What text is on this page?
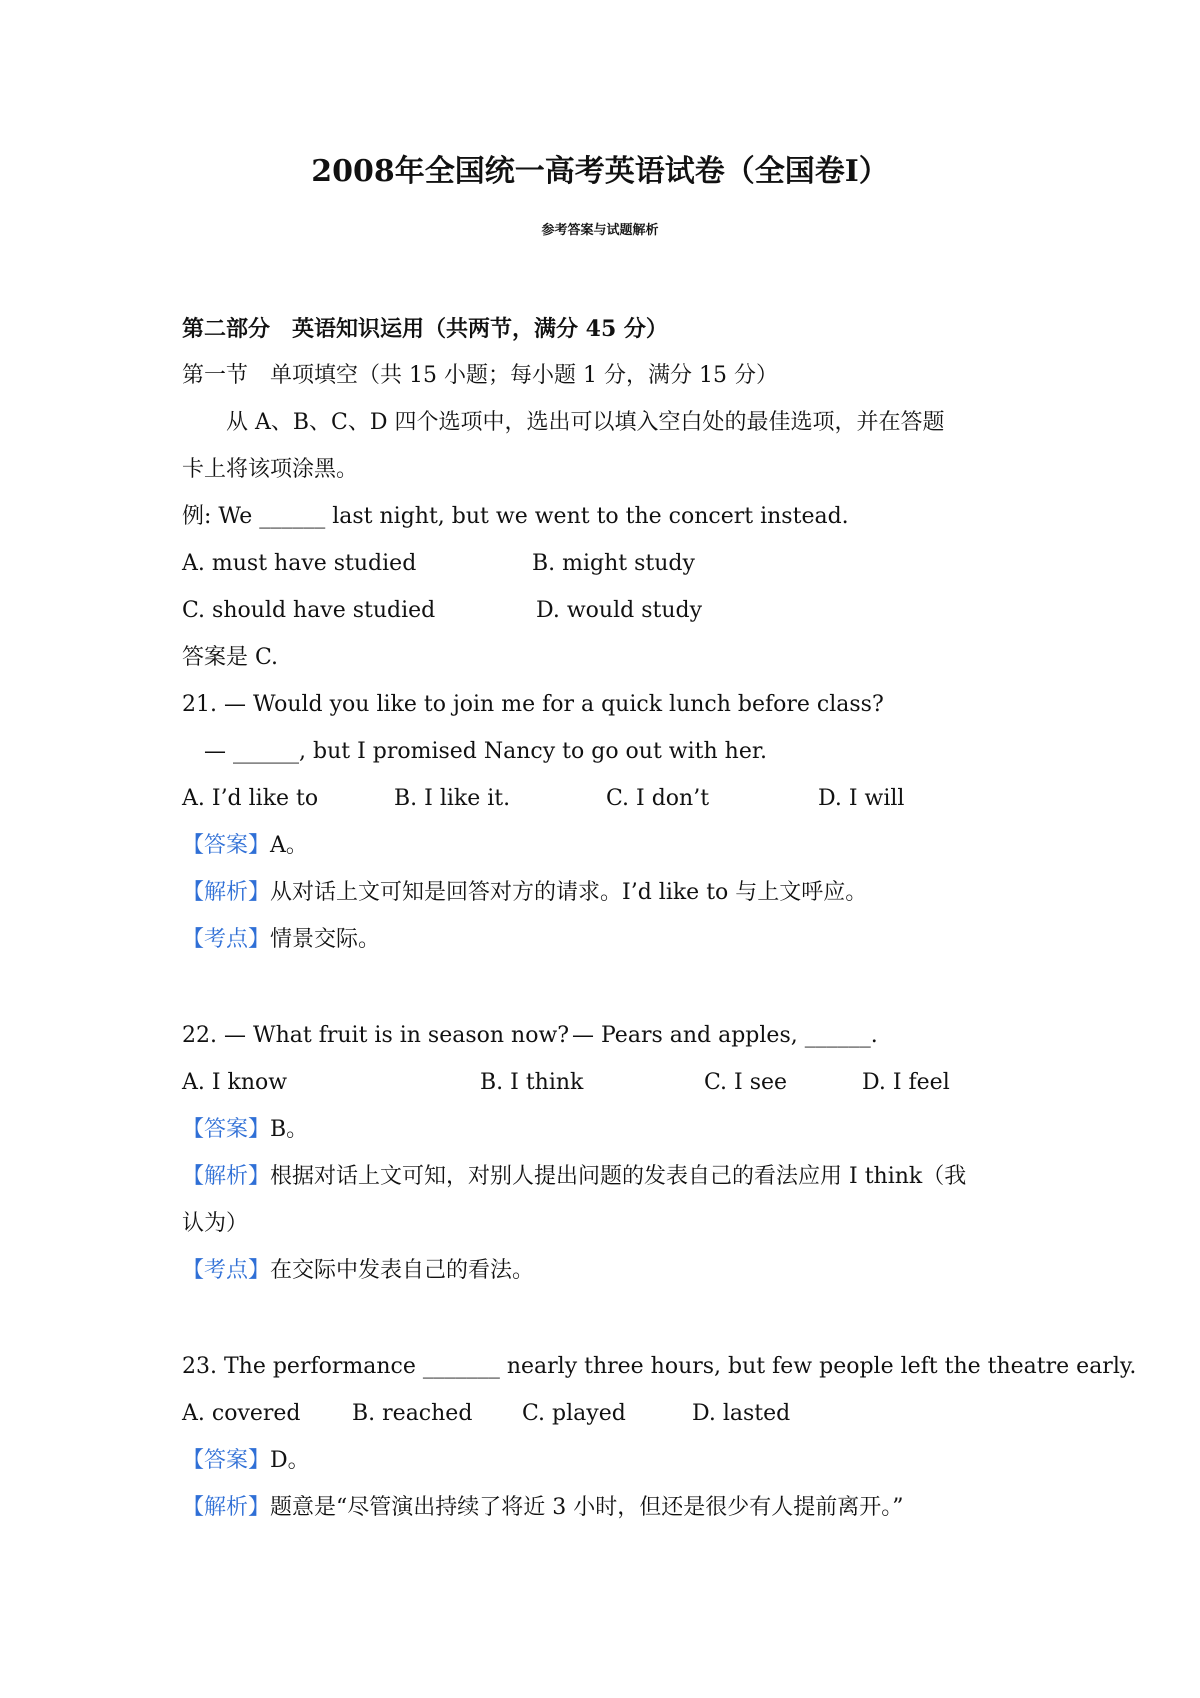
2008年全国统一高考英语试卷（全国卷I）
参考答案与试题解析
第二部分　英语知识运用（共两节，满分 45 分）
第一节　单项填空（共 15 小题；每小题 1 分，满分 15 分）
　　从 A、B、C、D 四个选项中，选出可以填入空白处的最佳选项，并在答题
卡上将该项涂黑。
例: We ______ last night, but we went to the concert instead.
A. must have studied	B. might study
C. should have studied	D. would study
答案是 C.
21. — Would you like to join me for a quick lunch before class?
— ______, but I promised Nancy to go out with her.
A. I’d like to	B. I like it.	C. I don’t	D. I will
【答案】A。
【解析】从对话上文可知是回答对方的请求。I’d like to 与上文呼应。
【考点】情景交际。
22. — What fruit is in season now? — Pears and apples, ______.
A. I know	B. I think	C. I see	D. I feel
【答案】B。
【解析】根据对话上文可知，对别人提出问题的发表自己的看法应用 I think（我
认为）
【考点】在交际中发表自己的看法。
23. The performance _______ nearly three hours, but few people left the theatre early.
A. covered B. reached C. played	D. lasted
【答案】D。
【解析】题意是“尽管演出持续了将近 3 小时，但还是很少有人提前离开。”
